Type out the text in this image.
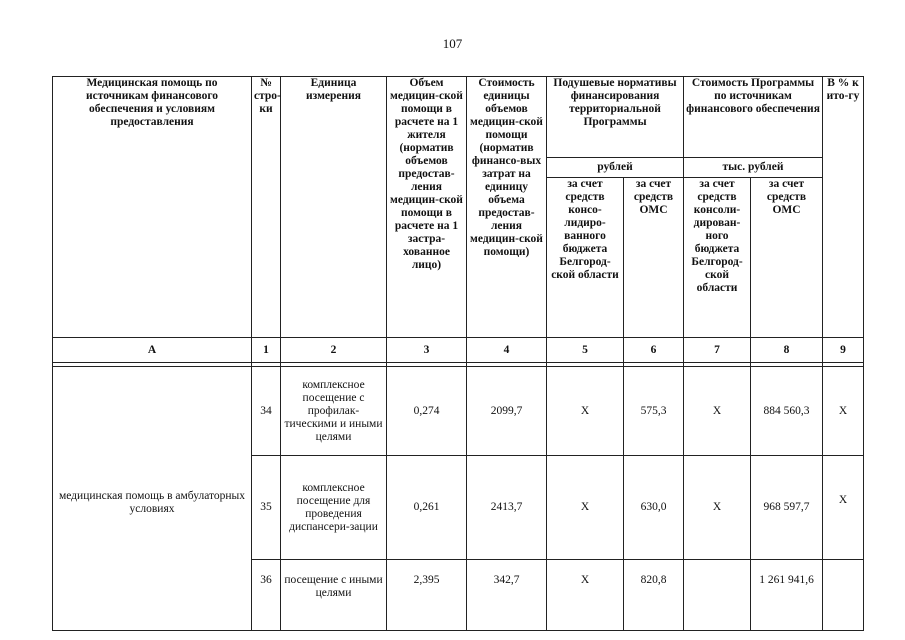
107
Медицинская помощь по источникам финансового обеспечения и условиям предоставления	№ стро-ки	Единица измерения	Объем медицин-ской помощи в расчете на 1 жителя (норматив объемов предостав-ления медицин-ской помощи в расчете на 1 застра-хованное лицо)	Стоимость единицы объемов медицин-ской помощи (норматив финансо-вых затрат на единицу объема предостав-ления медицин-ской помощи)	Подушевые нормативы финансирования территориальной Программы		Стоимость Программы по источникам финансового обеспечения		В % к ито-гу
					рублей		тыс. рублей		
					за счет средств консо-лидиро-ванного бюджета Белгород-ской области	за счет средств ОМС	за счет средств консоли-дирован-ного бюджета Белгород-ской области	за счет средств ОМС	
А	1	2	3	4	5	6	7	8	9

медицинская помощь в амбулаторных условиях	34	комплексное посещение с профилак-тическими и иными целями	0,274	2099,7	Х	575,3	Х	884 560,3	Х
	35	комплексное посещение для проведения диспансери-зации	0,261	2413,7	Х	630,0	Х	968 597,7	Х
	36	посещение с иными целями	2,395	342,7	Х	820,8		1 261 941,6	
